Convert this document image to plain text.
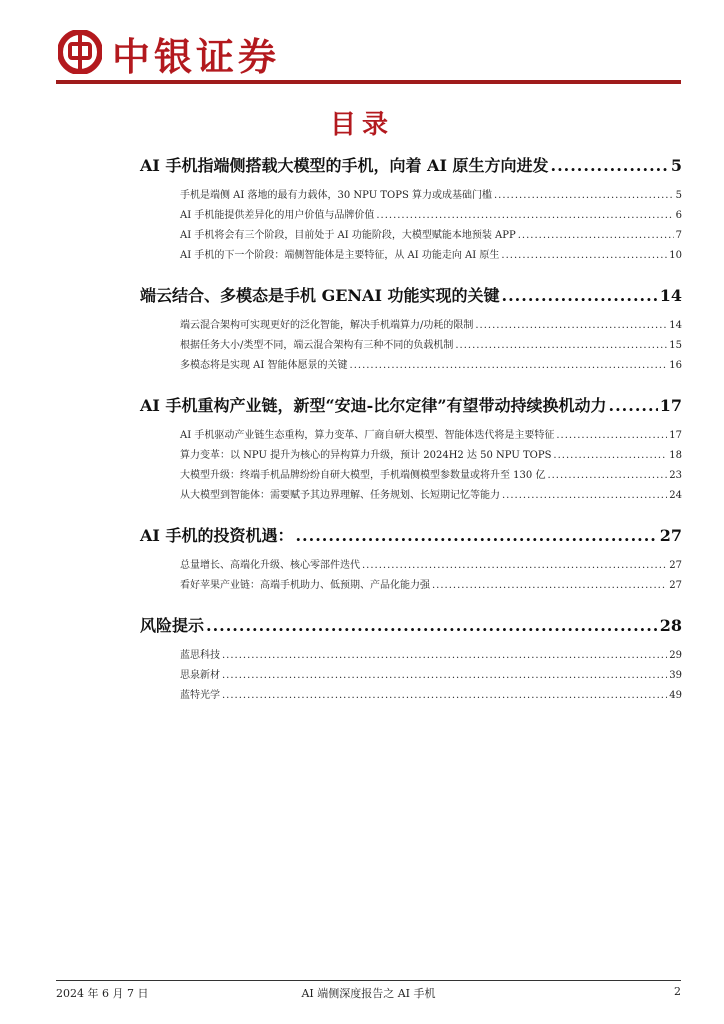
中银证券
目录
AI 手机指端侧搭载大模型的手机，向着 AI 原生方向进发 .....	5
手机是端侧 AI 落地的最有力载体，30 NPU TOPS 算力或成基础门槛 .....	5
AI 手机能提供差异化的用户价值与品牌价值 .....	6
AI 手机将会有三个阶段，目前处于 AI 功能阶段，大模型赋能本地预装 APP .....	7
AI 手机的下一个阶段：端侧智能体是主要特征，从 AI 功能走向 AI 原生 .....	10
端云结合、多模态是手机 GENAI 功能实现的关键 .....	14
端云混合架构可实现更好的泛化智能，解决手机端算力/功耗的限制 .....	14
根据任务大小/类型不同，端云混合架构有三种不同的负载机制 .....	15
多模态将是实现 AI 智能体愿景的关键 .....	16
AI 手机重构产业链，新型“安迪-比尔定律”有望带动持续换机动力 .....	17
AI 手机驱动产业链生态重构，算力变革、厂商自研大模型、智能体迭代将是主要特征 .....	17
算力变革：以 NPU 提升为核心的异构算力升级，预计 2024H2 达 50 NPU TOPS .....	18
大模型升级：终端手机品牌纷纷自研大模型，手机端侧模型参数量或将升至 130 亿 .....	23
从大模型到智能体：需要赋予其边界理解、任务规划、长短期记忆等能力 .....	24
AI 手机的投资机遇： .....	27
总量增长、高端化升级、核心零部件迭代 .....	27
看好苹果产业链：高端手机助力、低预期、产品化能力强 .....	27
风险提示 .....	28
蓝思科技 .....	29
思泉新材 .....	39
蓝特光学 .....	49
2024 年 6 月 7 日	AI 端侧深度报告之 AI 手机	2
